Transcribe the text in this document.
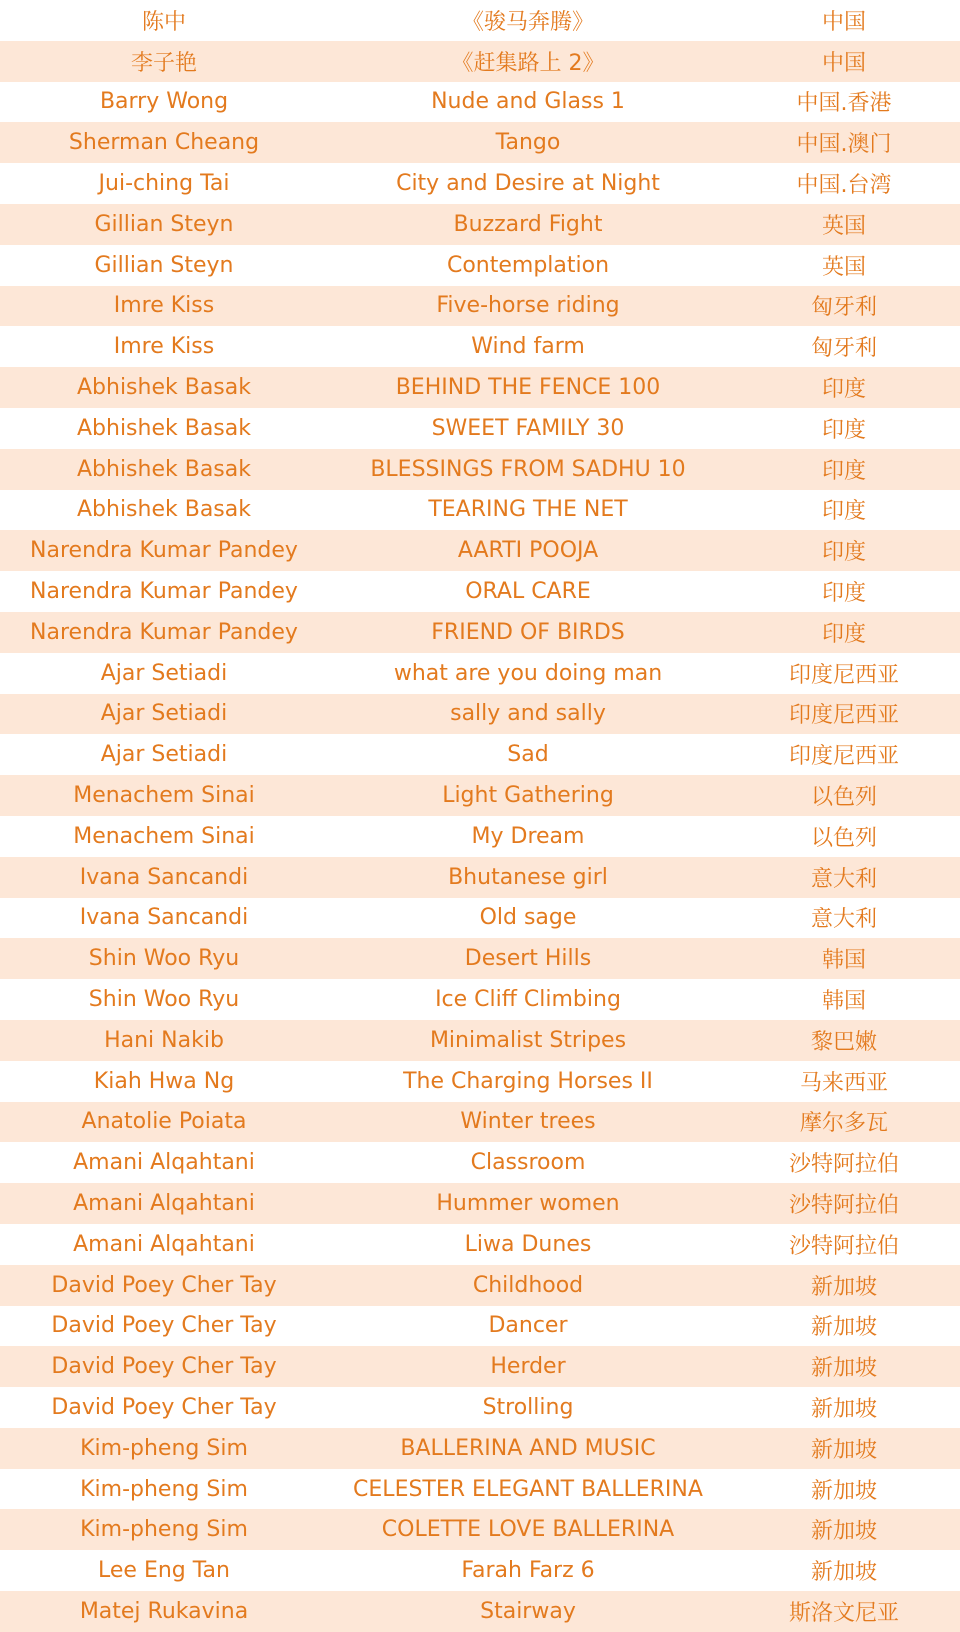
陈中	《骏马奔腾》	中国
李子艳	《赶集路上 2》	中国
Barry Wong	Nude and Glass 1	中国.香港
Sherman Cheang	Tango	中国.澳门
Jui-ching Tai	City and Desire at Night	中国.台湾
Gillian Steyn	Buzzard Fight	英国
Gillian Steyn	Contemplation	英国
Imre Kiss	Five-horse riding	匈牙利
Imre Kiss	Wind farm	匈牙利
Abhishek Basak	BEHIND THE FENCE 100	印度
Abhishek Basak	SWEET FAMILY 30	印度
Abhishek Basak	BLESSINGS FROM SADHU 10	印度
Abhishek Basak	TEARING THE NET	印度
Narendra Kumar Pandey	AARTI POOJA	印度
Narendra Kumar Pandey	ORAL CARE	印度
Narendra Kumar Pandey	FRIEND OF BIRDS	印度
Ajar Setiadi	what are you doing man	印度尼西亚
Ajar Setiadi	sally and sally	印度尼西亚
Ajar Setiadi	Sad	印度尼西亚
Menachem Sinai	Light Gathering	以色列
Menachem Sinai	My Dream	以色列
Ivana Sancandi	Bhutanese girl	意大利
Ivana Sancandi	Old sage	意大利
Shin Woo Ryu	Desert Hills	韩国
Shin Woo Ryu	Ice Cliff Climbing	韩国
Hani Nakib	Minimalist Stripes	黎巴嫩
Kiah Hwa Ng	The Charging Horses II	马来西亚
Anatolie Poiata	Winter trees	摩尔多瓦
Amani Alqahtani	Classroom	沙特阿拉伯
Amani Alqahtani	Hummer women	沙特阿拉伯
Amani Alqahtani	Liwa Dunes	沙特阿拉伯
David Poey Cher Tay	Childhood	新加坡
David Poey Cher Tay	Dancer	新加坡
David Poey Cher Tay	Herder	新加坡
David Poey Cher Tay	Strolling	新加坡
Kim-pheng Sim	BALLERINA AND MUSIC	新加坡
Kim-pheng Sim	CELESTER ELEGANT BALLERINA	新加坡
Kim-pheng Sim	COLETTE LOVE BALLERINA	新加坡
Lee Eng Tan	Farah Farz 6	新加坡
Matej Rukavina	Stairway	斯洛文尼亚
